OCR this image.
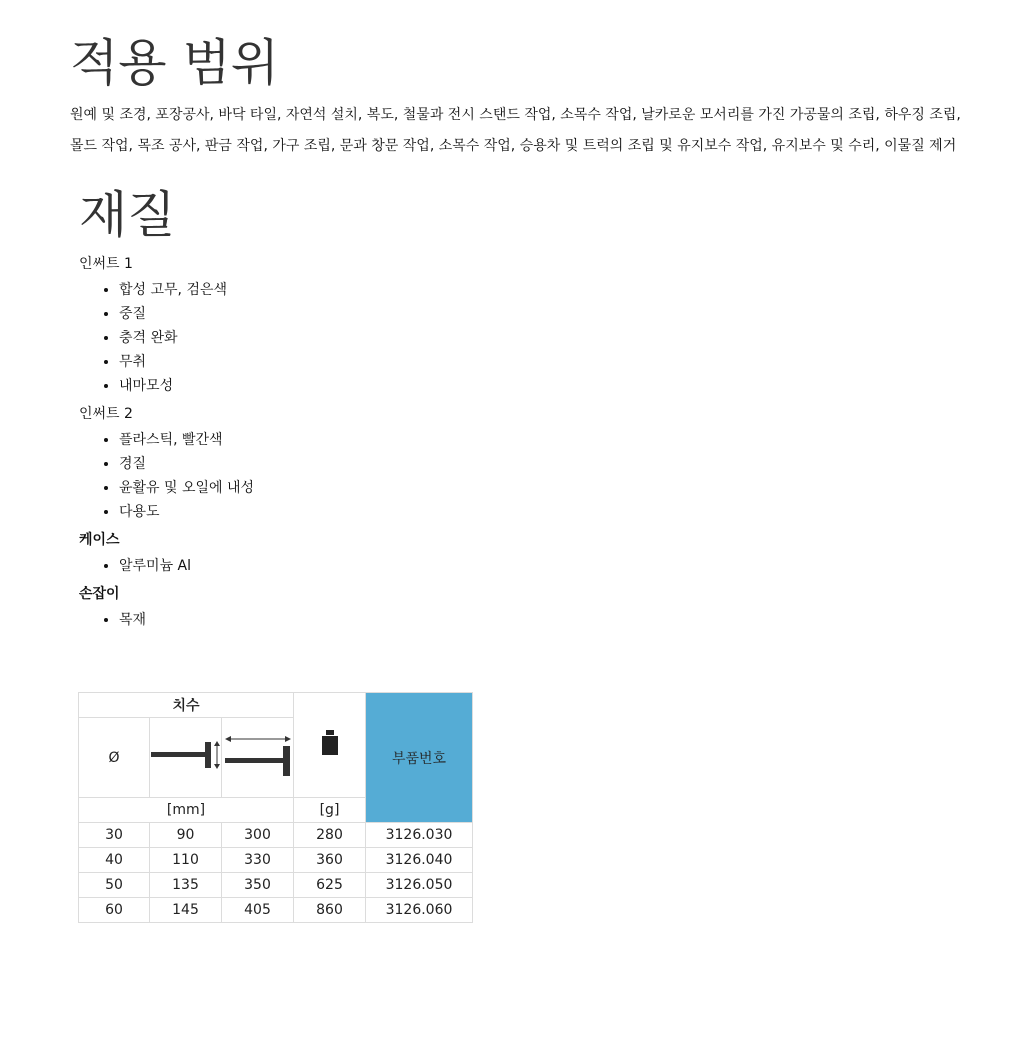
적용 범위

원예 및 조경, 포장공사, 바닥 타일, 자연석 설치, 복도, 철물과 전시 스탠드 작업, 소목수 작업, 날카로운 모서리를 가진 가공물의 조립, 하우징 조립, 몰드 작업, 목조 공사, 판금 작업, 가구 조립, 문과 창문 작업, 소목수 작업, 승용차 및 트럭의 조립 및 유지보수 작업, 유지보수 및 수리, 이물질 제거

재질
인써트 1
• 합성 고무, 검은색
• 중질
• 충격 완화
• 무취
• 내마모성
인써트 2
• 플라스틱, 빨간색
• 경질
• 윤활유 및 오일에 내성
• 다용도
케이스
• 알루미늄 Al
손잡이
• 목재
치수				부품번호
Ø		
[mm]			[g]	
30	90	300	280	3126.030
40	110	330	360	3126.040
50	135	350	625	3126.050
60	145	405	860	3126.060
